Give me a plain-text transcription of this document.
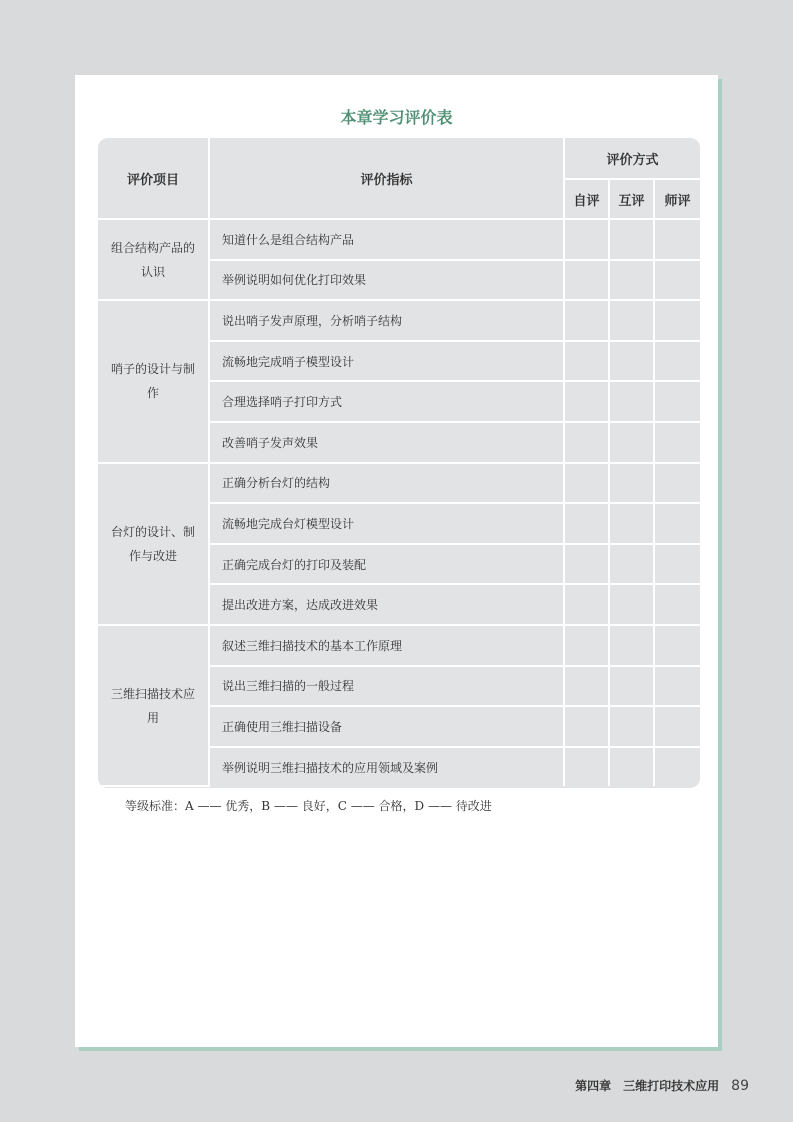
本章学习评价表
评价项目	评价指标	评价方式		
		自评	互评	师评
组合结构产品的认识	知道什么是组合结构产品			
	举例说明如何优化打印效果			
哨子的设计与制作	说出哨子发声原理，分析哨子结构			
	流畅地完成哨子模型设计			
	合理选择哨子打印方式			
	改善哨子发声效果			
台灯的设计、制作与改进	正确分析台灯的结构			
	流畅地完成台灯模型设计			
	正确完成台灯的打印及装配			
	提出改进方案，达成改进效果			
三维扫描技术应用	叙述三维扫描技术的基本工作原理			
	说出三维扫描的一般过程			
	正确使用三维扫描设备			
	举例说明三维扫描技术的应用领域及案例			
等级标准：A —— 优秀，B —— 良好，C —— 合格，D —— 待改进
第四章　三维打印技术应用 89
